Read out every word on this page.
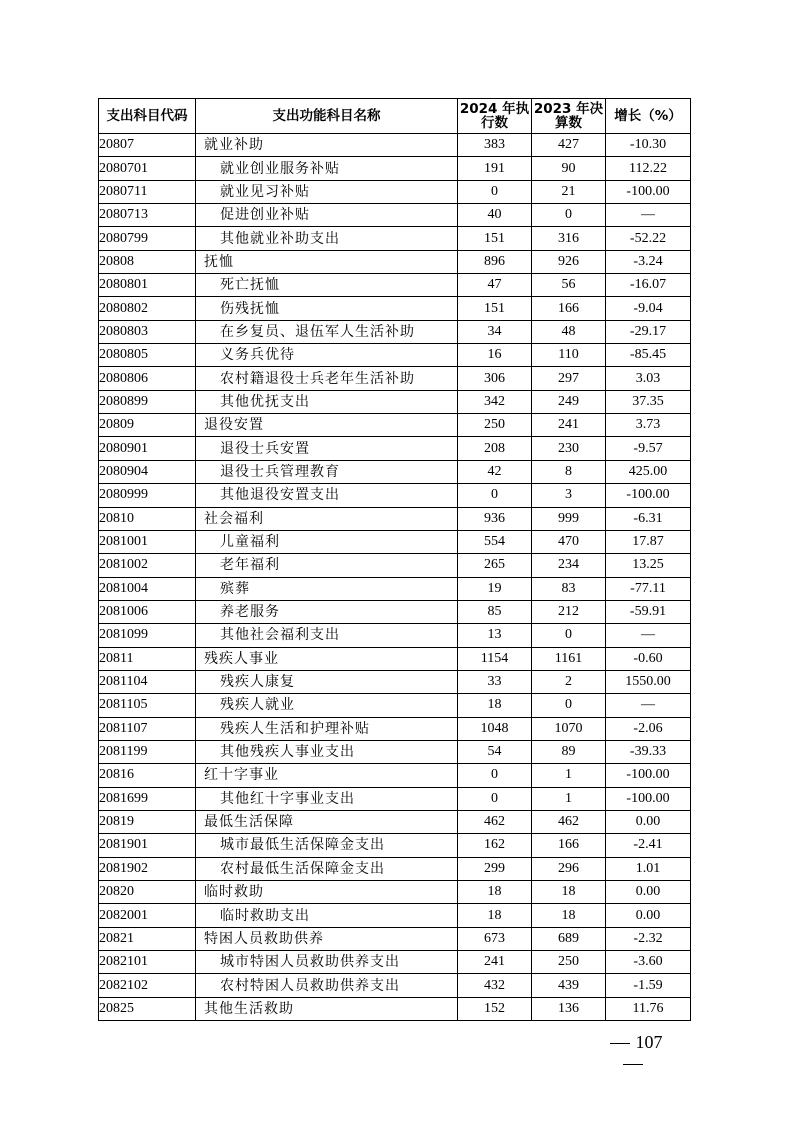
支出科目代码	支出功能科目名称	2024 年执行数	2023 年决算数	增长（%）
20807	就业补助	383	427	-10.30
2080701	就业创业服务补贴	191	90	112.22
2080711	就业见习补贴	0	21	-100.00
2080713	促进创业补贴	40	0	—
2080799	其他就业补助支出	151	316	-52.22
20808	抚恤	896	926	-3.24
2080801	死亡抚恤	47	56	-16.07
2080802	伤残抚恤	151	166	-9.04
2080803	在乡复员、退伍军人生活补助	34	48	-29.17
2080805	义务兵优待	16	110	-85.45
2080806	农村籍退役士兵老年生活补助	306	297	3.03
2080899	其他优抚支出	342	249	37.35
20809	退役安置	250	241	3.73
2080901	退役士兵安置	208	230	-9.57
2080904	退役士兵管理教育	42	8	425.00
2080999	其他退役安置支出	0	3	-100.00
20810	社会福利	936	999	-6.31
2081001	儿童福利	554	470	17.87
2081002	老年福利	265	234	13.25
2081004	殡葬	19	83	-77.11
2081006	养老服务	85	212	-59.91
2081099	其他社会福利支出	13	0	—
20811	残疾人事业	1154	1161	-0.60
2081104	残疾人康复	33	2	1550.00
2081105	残疾人就业	18	0	—
2081107	残疾人生活和护理补贴	1048	1070	-2.06
2081199	其他残疾人事业支出	54	89	-39.33
20816	红十字事业	0	1	-100.00
2081699	其他红十字事业支出	0	1	-100.00
20819	最低生活保障	462	462	0.00
2081901	城市最低生活保障金支出	162	166	-2.41
2081902	农村最低生活保障金支出	299	296	1.01
20820	临时救助	18	18	0.00
2082001	临时救助支出	18	18	0.00
20821	特困人员救助供养	673	689	-2.32
2082101	城市特困人员救助供养支出	241	250	-3.60
2082102	农村特困人员救助供养支出	432	439	-1.59
20825	其他生活救助	152	136	11.76
107
